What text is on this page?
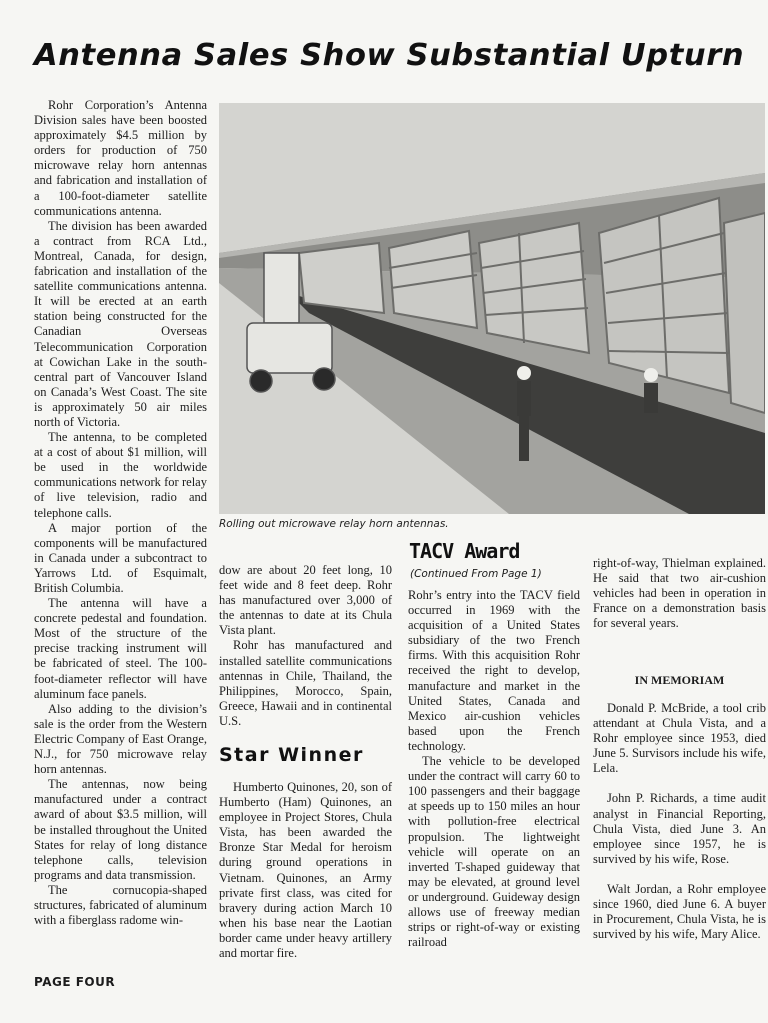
Antenna Sales Show Substantial Upturn

Rohr Corporation’s Antenna Division sales have been boosted approximately $4.5 million by orders for production of 750 microwave relay horn antennas and fabrication and installation of a 100-foot-diameter satellite communications antenna.

The division has been awarded a contract from RCA Ltd., Montreal, Canada, for design, fabrication and installation of the satellite communications antenna. It will be erected at an earth station being constructed for the Canadian Overseas Telecommunication Corporation at Cowichan Lake in the south-central part of Vancouver Island on Canada’s West Coast. The site is approximately 50 air miles north of Victoria.

The antenna, to be completed at a cost of about $1 million, will be used in the worldwide communications network for relay of live television, radio and telephone calls.

A major portion of the components will be manufactured in Canada under a subcontract to Yarrows Ltd. of Esquimalt, British Columbia.

The antenna will have a concrete pedestal and foundation. Most of the structure of the precise tracking instrument will be fabricated of steel. The 100-foot-diameter reflector will have aluminum face panels.

Also adding to the division’s sale is the order from the Western Electric Company of East Orange, N.J., for 750 microwave relay horn antennas.

The antennas, now being manufactured under a contract award of about $3.5 million, will be installed throughout the United States for relay of long distance telephone calls, television programs and data transmission.

The cornucopia-shaped structures, fabricated of aluminum with a fiberglass radome win-

Rolling out microwave relay horn antennas.

dow are about 20 feet long, 10 feet wide and 8 feet deep. Rohr has manufactured over 3,000 of the antennas to date at its Chula Vista plant.

Rohr has manufactured and installed satellite communications antennas in Chile, Thailand, the Philippines, Morocco, Spain, Greece, Hawaii and in continental U.S.

Star Winner

Humberto Quinones, 20, son of Humberto (Ham) Quinones, an employee in Project Stores, Chula Vista, has been awarded the Bronze Star Medal for heroism during ground operations in Vietnam. Quinones, an Army private first class, was cited for bravery during action March 10 when his base near the Laotian border came under heavy artillery and mortar fire.

TACV Award

(Continued From Page 1)

Rohr’s entry into the TACV field occurred in 1969 with the acquisition of a United States subsidiary of the two French firms. With this acquisition Rohr received the right to develop, manufacture and market in the United States, Canada and Mexico air-cushion vehicles based upon the French technology.

The vehicle to be developed under the contract will carry 60 to 100 passengers and their baggage at speeds up to 150 miles an hour with pollution-free electrical propulsion. The lightweight vehicle will operate on an inverted T-shaped guideway that may be elevated, at ground level or underground. Guideway design allows use of freeway median strips or right-of-way or existing railroad

right-of-way, Thielman explained. He said that two air-cushion vehicles had been in operation in France on a demonstration basis for several years.

IN MEMORIAM

Donald P. McBride, a tool crib attendant at Chula Vista, and a Rohr employee since 1953, died June 5. Survisors include his wife, Lela.

John P. Richards, a time audit analyst in Financial Reporting, Chula Vista, died June 3. An employee since 1957, he is survived by his wife, Rose.

Walt Jordan, a Rohr employee since 1960, died June 6. A buyer in Procurement, Chula Vista, he is survived by his wife, Mary Alice.

PAGE FOUR
